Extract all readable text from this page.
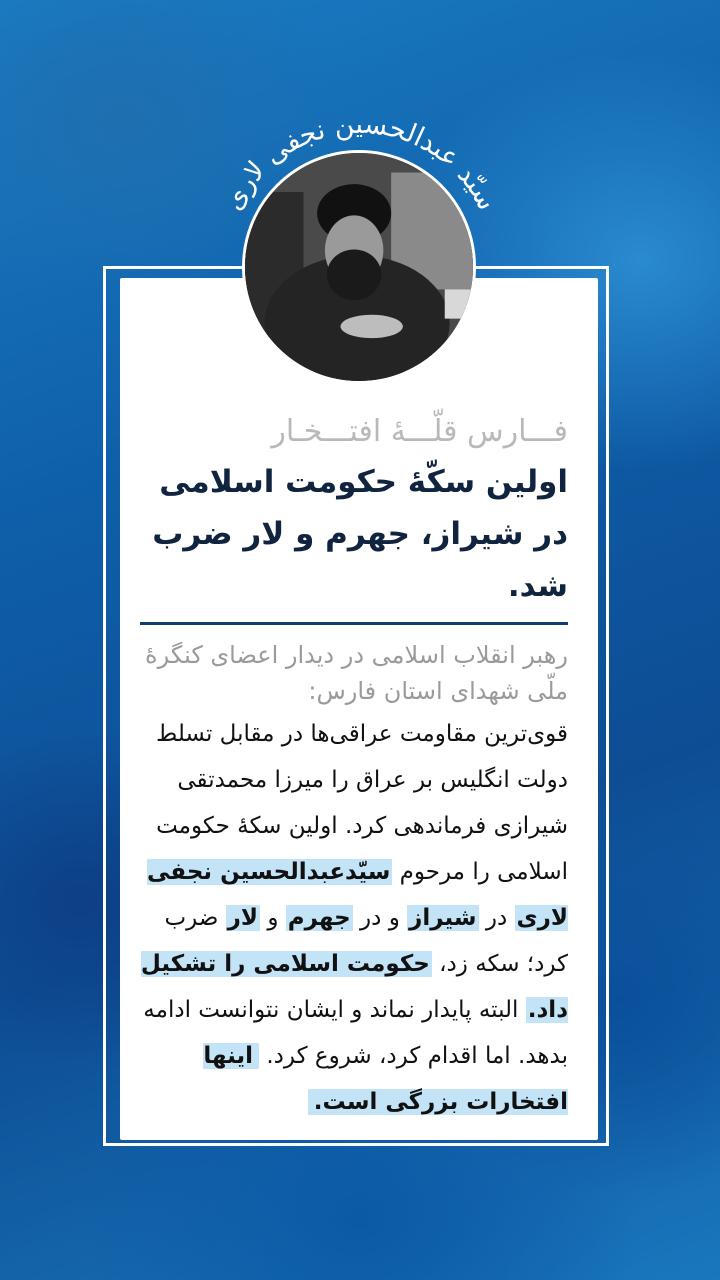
سیّد عبدالحسین نجفی لاری
فـــارس قلّـــهٔ افتـــخـار
اولین سکّهٔ حکومت اسلامی
در شیراز، جهرم و لار ضرب شد.
رهبر انقلاب اسلامی در دیدار اعضای کنگرهٔ ملّی شهدای استان فارس:
قوی‌ترین مقاومت عراقی‌ها در مقابل تسلط دولت انگلیس بر عراق را میرزا محمدتقی شیرازی فرماندهی کرد. اولین سکهٔ حکومت اسلامی را مرحوم سیّدعبدالحسین نجفی لاری در شیراز و در جهرم و لار ضرب کرد؛ سکه زد، حکومت اسلامی را تشکیل داد. البته پایدار نماند و ایشان نتوانست ادامه بدهد. اما اقدام کرد، شروع کرد. اینها افتخارات بزرگی است.
